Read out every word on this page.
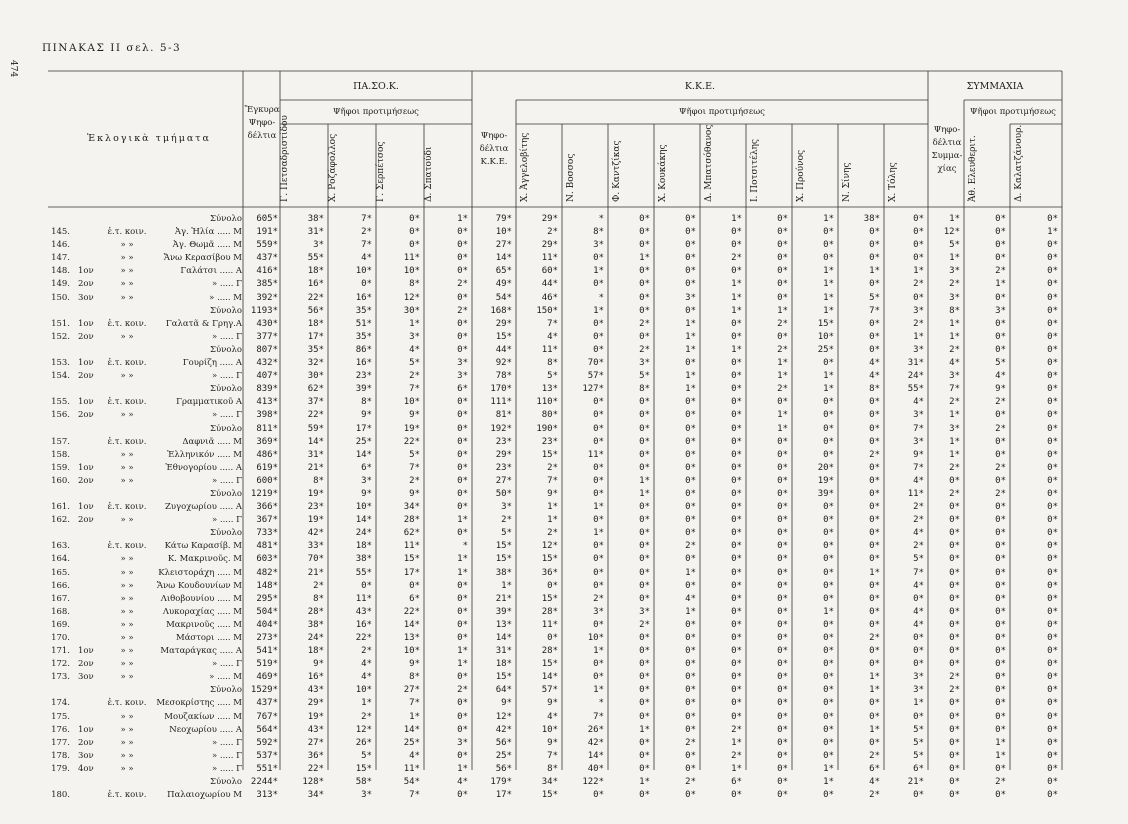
474
ΠΙΝΑΚΑΣ II σελ. 5-3
Ἐκλογικὰ τμήματα
Ἔγκυρα Ψηφο- δέλτια
ΠΑ.ΣΟ.Κ.	Κ.Κ.Ε.	ΣΥΜΜΑΧΙΑ
Ψῆφοι προτιμήσεως	Ψῆφοι προτιμήσεως	Ψῆφοι προτιμήσεως
Ψηφο- δέλτια Κ.Κ.Ε.
Ψηφο- δέλτια Συμμα- χίας
Γ. Πετσαδριστίδου	Χ. Ροζάφολλος	Γ. Σερπέτσος	Δ. Σπατούδι	Χ. Ἀγγελοβίτης	Ν. Βοσσος	Φ. Καντζίκας	Χ. Κουκάκης	Δ. Μπατσόθανος	Ι. Ποτσιτέλης	Χ. Προύνος	Ν. Σίνης	Χ. Τόλης	Ἀθ. Ελευθεριτ.	Δ. Καλατζάνουρ.
Σύνολο	605*	38*	7*	0*	1*	79*	29*	*	0*	0*	1*	0*	1*	38*	0*	1*	0*	0*
145.	ἐ.τ. κοιν.	Ἀγ. Ἠλία ..... Μ	191*	31*	2*	0*	0*	10*	2*	8*	0*	0*	0*	0*	0*	0*	0*	12*	0*	1*
146.	» »	Ἀγ. Θωμᾶ ..... Μ	559*	3*	7*	0*	0*	27*	29*	3*	0*	0*	0*	0*	0*	0*	0*	5*	0*	0*
147.	» »	Ἄνω Κερασίβου Μ	437*	55*	4*	11*	0*	14*	11*	0*	1*	0*	2*	0*	0*	0*	0*	1*	0*	0*
148. 1ον	» »	Γαλάτσι ..... Α	416*	18*	10*	10*	0*	65*	60*	1*	0*	0*	0*	0*	1*	1*	1*	3*	2*	0*
149. 2ον	» »	» ..... Γ	385*	16*	0*	8*	2*	49*	44*	0*	0*	0*	1*	0*	1*	0*	2*	2*	1*	0*
150. 3ον	» »	» ..... Μ	392*	22*	16*	12*	0*	54*	46*	*	0*	3*	1*	0*	1*	5*	0*	3*	0*	0*
Σύνολο 1193*	56*	35*	30*	2*	168*	150*	1*	0*	0*	1*	1*	1*	7*	3*	8*	3*	0*
151. 1ον	ἐ.τ. κοιν.	Γαλατᾶ & Γρηγ.Α	430*	18*	51*	1*	0*	29*	7*	0*	2*	1*	0*	2*	15*	0*	2*	1*	0*	0*
152. 2ον	» »	» ..... Γ	377*	17*	35*	3*	0*	15*	4*	0*	0*	1*	0*	0*	10*	0*	1*	1*	0*	0*
Σύνολο	807*	35*	86*	4*	0*	44*	11*	0*	2*	1*	1*	2*	25*	0*	3*	2*	0*	0*
153. 1ον	ἐ.τ. κοιν.	Γουρίζη ..... Α	432*	32*	16*	5*	3*	92*	8*	70*	3*	0*	0*	1*	0*	4*	31*	4*	5*	0*
154. 2ον	» »	» ..... Γ	407*	30*	23*	2*	3*	78*	5*	57*	5*	1*	0*	1*	1*	4*	24*	3*	4*	0*
Σύνολο	839*	62*	39*	7*	6*	170*	13*	127*	8*	1*	0*	2*	1*	8*	55*	7*	9*	0*
155. 1ον	ἐ.τ. κοιν.	Γραμματικοῦ Α	413*	37*	8*	10*	0*	111*	110*	0*	0*	0*	0*	0*	0*	0*	4*	2*	2*	0*
156. 2ον	» »	» ..... Γ	398*	22*	9*	9*	0*	81*	80*	0*	0*	0*	0*	1*	0*	0*	3*	1*	0*	0*
Σύνολο	811*	59*	17*	19*	0*	192*	190*	0*	0*	0*	0*	1*	0*	0*	7*	3*	2*	0*
157.	ἐ.τ. κοιν.	Δαφνιᾶ ..... Μ	369*	14*	25*	22*	0*	23*	23*	0*	0*	0*	0*	0*	0*	0*	3*	1*	0*	0*
158.	» »	Ἑλληνικόν ..... Μ	486*	31*	14*	5*	0*	29*	15*	11*	0*	0*	0*	0*	0*	2*	9*	1*	0*	0*
159. 1ον	» »	Ἐθνογορίου ..... Α	619*	21*	6*	7*	0*	23*	2*	0*	0*	0*	0*	0*	20*	0*	7*	2*	2*	0*
160. 2ον	» »	» ..... Γ	600*	8*	3*	2*	0*	27*	7*	0*	1*	0*	0*	0*	19*	0*	4*	0*	0*	0*
Σύνολο 1219*	19*	9*	9*	0*	50*	9*	0*	1*	0*	0*	0*	39*	0*	11*	2*	2*	0*
161. 1ον	ἐ.τ. κοιν.	Ζυγοχωρίου ..... Α	366*	23*	10*	34*	0*	3*	1*	1*	0*	0*	0*	0*	0*	0*	2*	0*	0*	0*
162. 2ον	» »	» ..... Γ	367*	19*	14*	28*	1*	2*	1*	0*	0*	0*	0*	0*	0*	0*	2*	0*	0*	0*
Σύνολο	733*	42*	24*	62*	0*	5*	2*	1*	0*	0*	0*	0*	0*	0*	4*	0*	0*	0*
163.	ἐ.τ. κοιν.	Κάτω Καρασίβ. Μ	481*	33*	18*	11*	*	15*	12*	0*	0*	2*	0*	0*	0*	0*	2*	0*	0*	0*
164.	» »	Κ. Μακρινοῦς. Μ	603*	70*	38*	15*	1*	15*	15*	0*	0*	0*	0*	0*	0*	0*	5*	0*	0*	0*
165.	» »	Κλειστοράχη ..... Μ	482*	21*	55*	17*	1*	38*	36*	0*	0*	1*	0*	0*	0*	1*	7*	0*	0*	0*
166.	» »	Ἄνω Κουδουνίων Μ	148*	2*	0*	0*	0*	1*	0*	0*	0*	0*	0*	0*	0*	0*	4*	0*	0*	0*
167.	» »	Λιθοβουνίου ..... Μ	295*	8*	11*	6*	0*	21*	15*	2*	0*	4*	0*	0*	0*	0*	0*	0*	0*	0*
168.	» »	Λυκοραχίας ..... Μ	504*	28*	43*	22*	0*	39*	28*	3*	3*	1*	0*	0*	1*	0*	4*	0*	0*	0*
169.	» »	Μακρινοῦς ..... Μ	404*	38*	16*	14*	0*	13*	11*	0*	2*	0*	0*	0*	0*	0*	4*	0*	0*	0*
170.	» »	Μάστορι ..... Μ	273*	24*	22*	13*	0*	14*	0*	10*	0*	0*	0*	0*	0*	2*	0*	0*	0*	0*
171. 1ον	» »	Ματαράγκας ..... Α	541*	18*	2*	10*	1*	31*	28*	1*	0*	0*	0*	0*	0*	0*	0*	0*	0*	0*
172. 2ον	» »	» ..... Γ	519*	9*	4*	9*	1*	18*	15*	0*	0*	0*	0*	0*	0*	0*	0*	0*	0*	0*
173. 3ον	» »	» ..... Μ	469*	16*	4*	8*	0*	15*	14*	0*	0*	0*	0*	0*	0*	1*	3*	2*	0*	0*
Σύνολο 1529*	43*	10*	27*	2*	64*	57*	1*	0*	0*	0*	0*	0*	1*	3*	2*	0*	0*
174.	ἐ.τ. κοιν.	Μεσοκρίστης ..... Μ	437*	29*	1*	7*	0*	9*	9*	*	0*	0*	0*	0*	0*	0*	1*	0*	0*	0*
175.	» »	Μουζακίων ..... Μ	767*	19*	2*	1*	0*	12*	4*	7*	0*	0*	0*	0*	0*	0*	0*	0*	0*	0*
176. 1ον	» »	Νεοχωρίου ..... Α	564*	43*	12*	14*	0*	42*	10*	26*	1*	0*	2*	0*	0*	1*	5*	0*	0*	0*
177. 2ον	» »	» ..... Γ	592*	27*	26*	25*	3*	56*	9*	42*	0*	2*	1*	0*	0*	0*	5*	0*	1*	0*
178. 3ον	» »	» ..... Γ	537*	36*	5*	4*	0*	25*	7*	14*	0*	0*	2*	0*	0*	2*	5*	0*	1*	0*
179. 4ον	» »	» ..... Γ	551*	22*	15*	11*	1*	56*	8*	40*	0*	0*	1*	0*	1*	6*	6*	0*	0*	0*
Σύνολο 2244*	128*	58*	54*	4*	179*	34*	122*	1*	2*	6*	0*	1*	4*	21*	0*	2*	0*
180.	ἐ.τ. κοιν.	Παλαιοχωρίου Μ	313*	34*	3*	7*	0*	17*	15*	0*	0*	0*	0*	0*	0*	2*	0*	0*	0*	0*
